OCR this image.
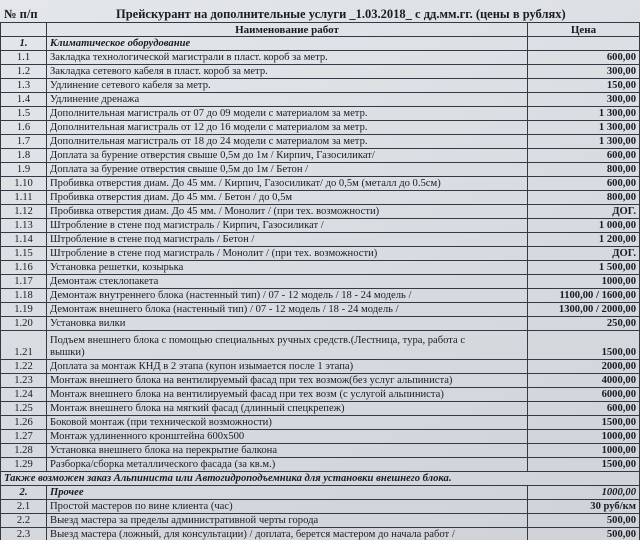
№ п/п	Прейскурант на дополнительные услуги _1.03.2018_ с дд.мм.гг. (цены в рублях)
	Наименование работ	Цена
1.	Климатическое оборудование	
1.1	Закладка технологической магистрали в пласт. короб за метр.	600,00
1.2	Закладка сетевого кабеля в пласт. короб за метр.	300,00
1.3	Удлинение сетевого кабеля за метр.	150,00
1.4	Удлинение дренажа	300,00
1.5	Дополнительная магистраль от 07 до 09 модели с материалом за метр.	1 300,00
1.6	Дополнительная магистраль от 12 до 16 модели с материалом за метр.	1 300,00
1.7	Дополнительная магистраль от 18 до 24 модели с материалом за метр.	1 300,00
1.8	Доплата за бурение отверстия свыше 0,5м до 1м / Кирпич, Газосиликат/	600,00
1.9	Доплата за бурение отверстия свыше 0,5м до 1м / Бетон /	800,00
1.10	Пробивка отверстия диам. До 45 мм. / Кирпич, Газосиликат/ до 0,5м (металл до 0.5см)	600,00
1.11	Пробивка отверстия диам. До 45 мм. / Бетон / до 0,5м	800,00
1.12	Пробивка отверстия диам. До 45 мм. / Монолит / (при тех. возможности)	ДОГ.
1.13	Штробление в стене под магистраль / Кирпич, Газосиликат /	1 000,00
1.14	Штробление в стене под магистраль / Бетон /	1 200,00
1.15	Штробление в стене под магистраль / Монолит / (при тех. возможности)	ДОГ.
1.16	Установка решетки, козырька	1 500,00
1.17	Демонтаж стеклопакета	1000,00
1.18	Демонтаж внутреннего блока (настенный тип) / 07 - 12 модель / 18 - 24 модель /	1100,00 / 1600,00
1.19	Демонтаж внешнего блока (настенный тип) / 07 - 12 модель / 18 - 24 модель /	1300,00 / 2000,00
1.20	Установка вилки	250,00
1.21	Подъем внешнего блока с помощью специальных ручных средств.(Лестница, тура, работа с
вышки)	1500,00
1.22	Доплата за монтаж КНД в 2 этапа (купон изымается после 1 этапа)	2000,00
1.23	Монтаж внешнего блока на вентилируемый фасад при тех возмож(без услуг альпиниста)	4000,00
1.24	Монтаж внешнего блока на вентилируемый фасад при тех возм (с услугой альпиниста)	6000,00
1.25	Монтаж внешнего блока на мягкий фасад (длинный спецкрепеж)	600,00
1.26	Боковой монтаж (при технической возможности)	1500,00
1.27	Монтаж удлиненного кронштейна 600х500	1000,00
1.28	Установка внешнего блока на перекрытие балкона	1000,00
1.29	Разборка/сборка металлического фасада (за кв.м.)	1500,00
Также возможен заказ Альпиниста или Автогидроподъемника для установки внешнего блока.		
2.	Прочее	1000,00
2.1	Простой мастеров по вине клиента (час)	30 руб/км
2.2	Выезд мастера за пределы административной черты города	500,00
2.3	Выезд мастера (ложный, для консультации) / доплата, берется мастером до начала работ /	500,00
